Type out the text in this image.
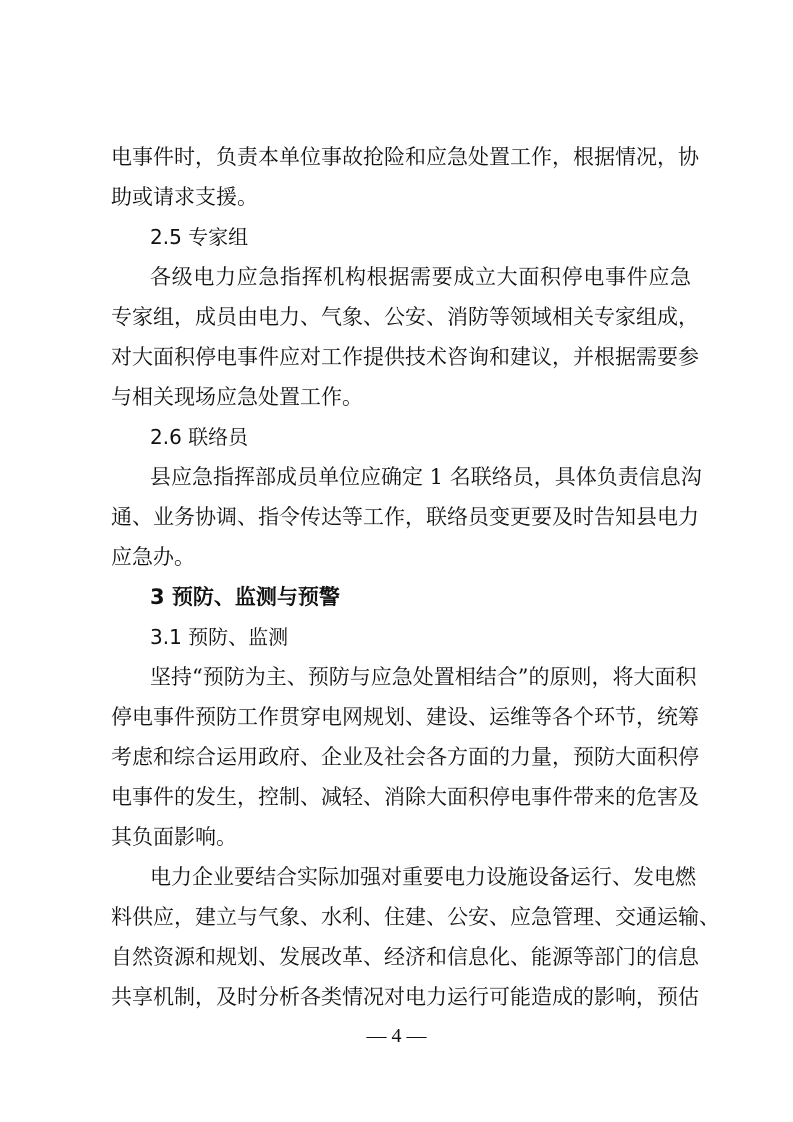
电事件时，负责本单位事故抢险和应急处置工作，根据情况，协
助或请求支援。
2.5 专家组
各级电力应急指挥机构根据需要成立大面积停电事件应急
专家组，成员由电力、气象、公安、消防等领域相关专家组成，
对大面积停电事件应对工作提供技术咨询和建议，并根据需要参
与相关现场应急处置工作。
2.6 联络员
县应急指挥部成员单位应确定 1 名联络员，具体负责信息沟
通、业务协调、指令传达等工作，联络员变更要及时告知县电力
应急办。
3 预防、监测与预警
3.1 预防、监测
坚持“预防为主、预防与应急处置相结合”的原则，将大面积
停电事件预防工作贯穿电网规划、建设、运维等各个环节，统筹
考虑和综合运用政府、企业及社会各方面的力量，预防大面积停
电事件的发生，控制、减轻、消除大面积停电事件带来的危害及
其负面影响。
电力企业要结合实际加强对重要电力设施设备运行、发电燃
料供应，建立与气象、水利、住建、公安、应急管理、交通运输、
自然资源和规划、发展改革、经济和信息化、能源等部门的信息
共享机制，及时分析各类情况对电力运行可能造成的影响，预估
— 4 —
